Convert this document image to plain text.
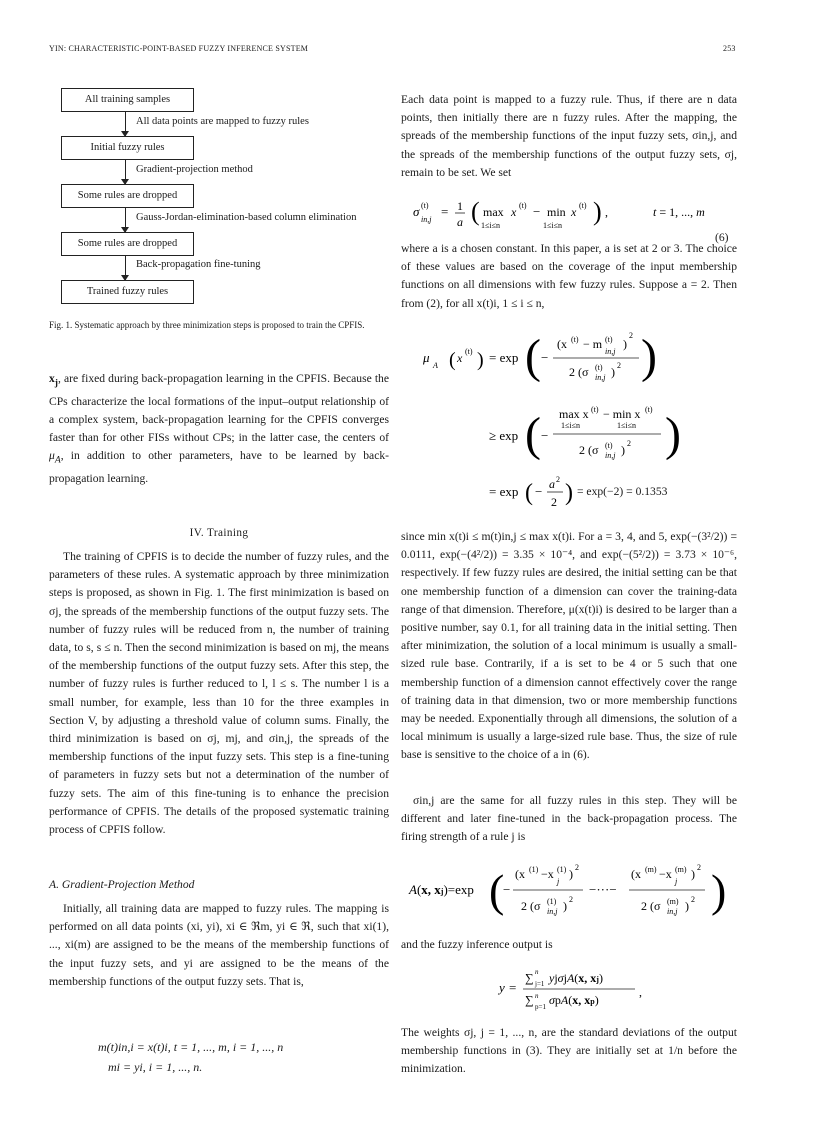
YIN: CHARACTERISTIC-POINT-BASED FUZZY INFERENCE SYSTEM	253
All training samples
All data points are mapped to fuzzy rules
Initial fuzzy rules
Gradient-projection method
Some rules are dropped
Gauss-Jordan-elimination-based column elimination
Some rules are dropped
Back-propagation fine-tuning
Trained fuzzy rules
Fig. 1. Systematic approach by three minimization steps is proposed to train the CPFIS.

$x_j$, are fixed during back-propagation learning in the CPFIS. Because the CPs characterize the local formations of the input–output relationship of a complex system, back-propagation learning for the CPFIS converges faster than for other FISs without CPs; in the latter case, the centers of $\mu_A$, in addition to other parameters, have to be learned by back-propagation learning.

IV. Training
The training of CPFIS is to decide the number of fuzzy rules, and the parameters of these rules. A systematic approach by three minimization steps is proposed, as shown in Fig. 1. The first minimization is based on σj, the spreads of the membership functions of the output fuzzy sets. The number of fuzzy rules will be reduced from n, the number of training data, to s, s ≤ n. Then the second minimization is based on mj, the means of the membership functions of the output fuzzy sets. After this step, the number of fuzzy rules is further reduced to l, l ≤ s. The number l is a small number, for example, less than 10 for the three examples in Section V, by adjusting a threshold value of column sums. Finally, the third minimization is based on σj, mj, and σin,j, the spreads of the membership functions of the input fuzzy sets. This step is a fine-tuning of parameters in fuzzy sets but not a determination of the number of fuzzy sets. The aim of this fine-tuning is to enhance the precision performance of CPFIS. The details of the proposed systematic training process of CPFIS follow.
A. Gradient-Projection Method
Initially, all training data are mapped to fuzzy rules. The mapping is performed on all data points (xi, yi), xi ∈ ℜm, yi ∈ ℜ, such that xi(1), ..., xi(m) are assigned to be the means of the membership functions of the input fuzzy sets, and yi are assigned to be the means of the membership functions of the output fuzzy sets. That is,
m(t)in,i = x(t)i, t = 1, ..., m, i = 1, ..., n
mi = yi, i = 1, ..., n.
Each data point is mapped to a fuzzy rule. Thus, if there are n data points, then initially there are n fuzzy rules. After the mapping, the spreads of the membership functions of the input fuzzy sets, σin,j, and the spreads of the membership functions of the output fuzzy sets, σj, remain to be set. We set
σ (t)
in,j
= 1
a ( max
1≤i≤n
x (t) − min
1≤i≤n
x (t) ) ,	t = 1, ..., m
(6)
where a is a chosen constant. In this paper, a is set at 2 or 3. The choice of these values are based on the coverage of the input membership functions on all dimensions with few fuzzy rules. Suppose a = 2. Then from (2), for all x(t)i, 1 ≤ i ≤ n,
μ
A ( x (t) ) = exp ( −
(x (t) − m (t)
in,j
)
2
2 (σ (t)
in,j ) 2 )
≥ exp ( −
max x (t) − min x (t)
1≤i≤n	1≤i≤n
2 (σ (t)
in,j ) 2 )
= exp ( − a 2
2 ) = exp(−2) = 0.1353
since min x(t)i ≤ m(t)in,j ≤ max x(t)i. For a = 3, 4, and 5, exp(−(3²/2)) = 0.0111, exp(−(4²/2)) = 3.35 × 10⁻⁴, and exp(−(5²/2)) = 3.73 × 10⁻⁶, respectively. If few fuzzy rules are desired, the initial setting can be that one membership function of a dimension can cover the training-data range of that dimension. Therefore, μ(x(t)i) is desired to be larger than a positive number, say 0.1, for all training data in the initial setting. Then after minimization, the solution of a local minimum is usually a small-sized rule base. Contrarily, if a is set to be 4 or 5 such that one membership function of a dimension cannot effectively cover the range of training data in that dimension, two or more membership functions may be needed. Exponentially through all dimensions, the solution of a local minimum is usually a large-sized rule base. Thus, the size of rule base is sensitive to the choice of a in (6).
σin,j are the same for all fuzzy rules in this step. They will be different and later fine-tuned in the back-propagation process. The firing strength of a rule j is
A(x, xj)=exp (
−
(x (1) −x (1)
j
) 2
2 (σ (1)
in,j ) 2
−···−
(x (m) −x (m)
j
) 2
2 (σ (m)
in,j ) 2 )
and the fuzzy inference output is
y =
∑ n
j=1 yjσjA(x, xj)
∑ n
p=1 σpA(x, xp)
,
The weights σj, j = 1, ..., n, are the standard deviations of the output membership functions in (3). They are initially set at 1/n before the minimization.
